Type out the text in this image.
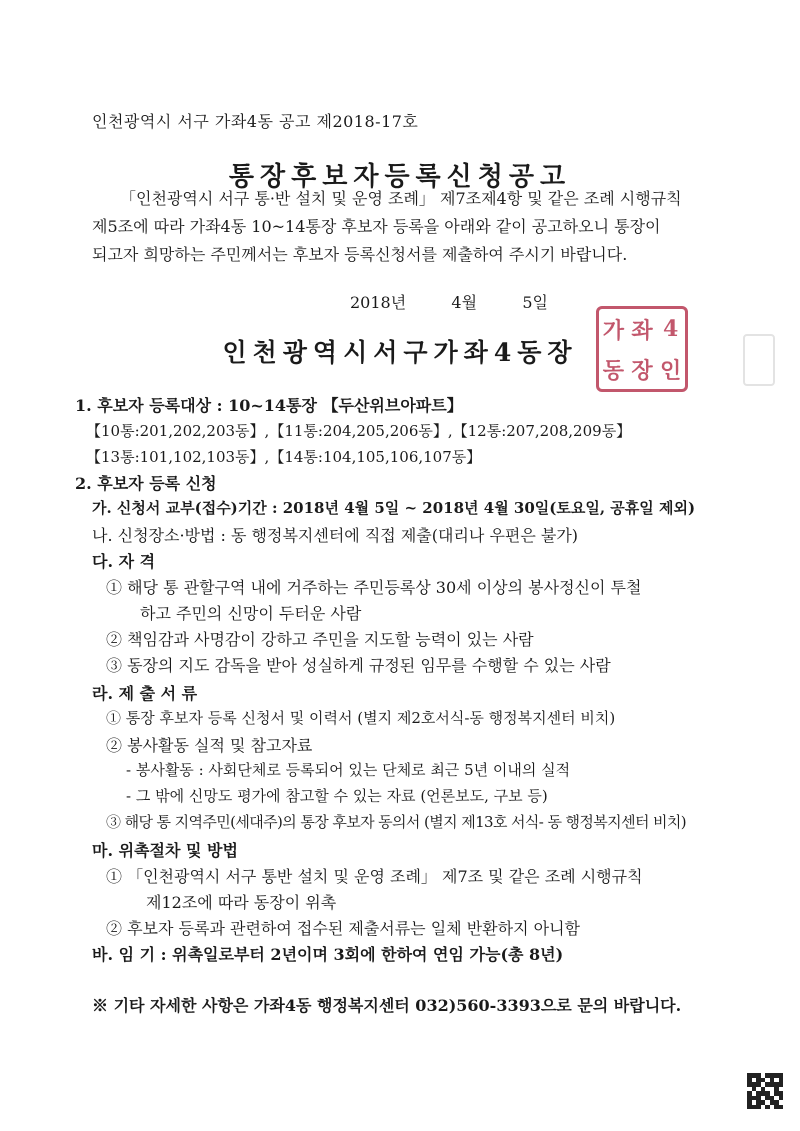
인천광역시 서구 가좌4동 공고 제2018-17호
통장후보자등록신청공고
「인천광역시 서구 통·반 설치 및 운영 조례」 제7조제4항 및 같은 조례 시행규칙
제5조에 따라 가좌4동 10~14통장 후보자 등록을 아래와 같이 공고하오니 통장이
되고자 희망하는 주민께서는 후보자 등록신청서를 제출하여 주시기 바랍니다.
2018년   4월   5일
인천광역시서구가좌4동장
가 좌 4
동 장 인
1. 후보자 등록대상 : 10~14통장 【두산위브아파트】
【10통:201,202,203동】,【11통:204,205,206동】,【12통:207,208,209동】
【13통:101,102,103동】,【14통:104,105,106,107동】
2. 후보자 등록 신청
가. 신청서 교부(접수)기간 : 2018년 4월 5일 ~ 2018년 4월 30일(토요일, 공휴일 제외)
나. 신청장소·방법 : 동 행정복지센터에 직접 제출(대리나 우편은 불가)
다. 자 격
① 해당 통 관할구역 내에 거주하는 주민등록상 30세 이상의 봉사정신이 투철
하고 주민의 신망이 두터운 사람
② 책임감과 사명감이 강하고 주민을 지도할 능력이 있는 사람
③ 동장의 지도 감독을 받아 성실하게 규정된 임무를 수행할 수 있는 사람
라. 제 출 서 류
① 통장 후보자 등록 신청서 및 이력서 (별지 제2호서식-동 행정복지센터 비치)
② 봉사활동 실적 및 참고자료
- 봉사활동 : 사회단체로 등록되어 있는 단체로 최근 5년 이내의 실적
- 그 밖에 신망도 평가에 참고할 수 있는 자료 (언론보도, 구보 등)
③ 해당 통 지역주민(세대주)의 통장 후보자 동의서 (별지 제13호 서식- 동 행정복지센터 비치)
마. 위촉절차 및 방법
① 「인천광역시 서구 통반 설치 및 운영 조례」 제7조 및 같은 조례 시행규칙
제12조에 따라 동장이 위촉
② 후보자 등록과 관련하여 접수된 제출서류는 일체 반환하지 아니함
바. 임 기 : 위촉일로부터 2년이며 3회에 한하여 연임 가능(총 8년)
※ 기타 자세한 사항은 가좌4동 행정복지센터 032)560-3393으로 문의 바랍니다.
